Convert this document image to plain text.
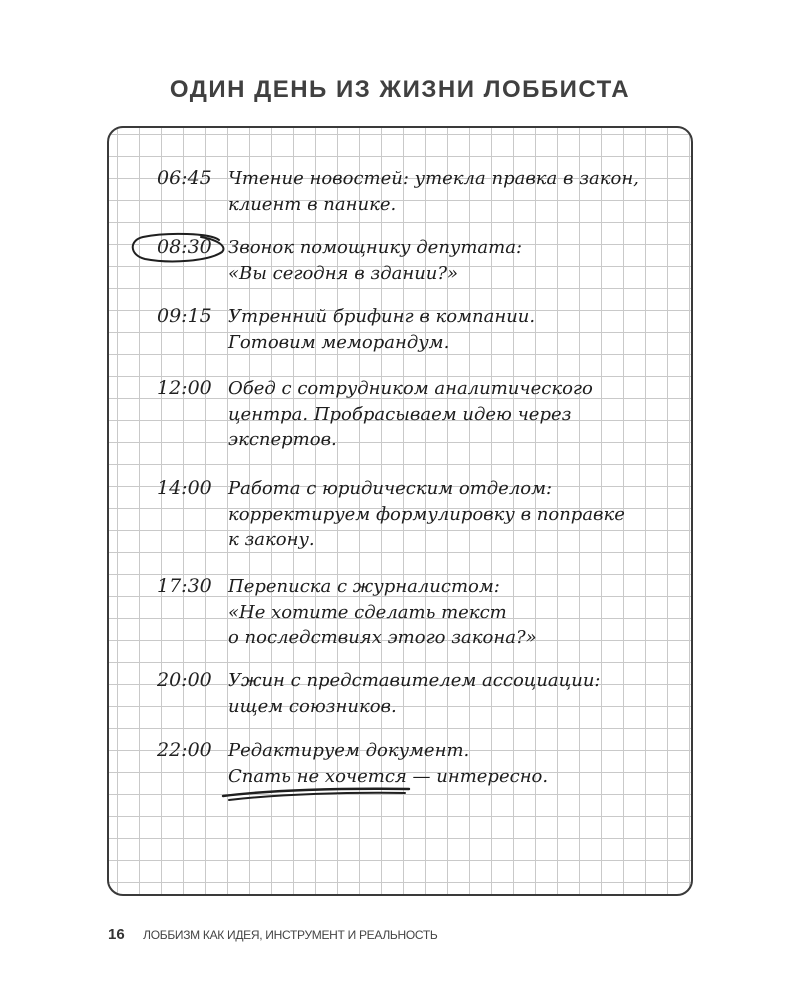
ОДИН ДЕНЬ ИЗ ЖИЗНИ ЛОББИСТА
06:45 Чтение новостей: утекла правка в закон,
клиент в панике.
08:30 Звонок помощнику депутата:
«Вы сегодня в здании?»
09:15 Утренний брифинг в компании.
Готовим меморандум.
12:00 Обед с сотрудником аналитического
центра. Пробрасываем идею через
экспертов.
14:00 Работа с юридическим отделом:
корректируем формулировку в поправке
к закону.
17:30 Переписка с журналистом:
«Не хотите сделать текст
о последствиях этого закона?»
20:00 Ужин с представителем ассоциации:
ищем союзников.
22:00 Редактируем документ.
Спать не хочется — интересно.
16 ЛОББИЗМ КАК ИДЕЯ, ИНСТРУМЕНТ И РЕАЛЬНОСТЬ
